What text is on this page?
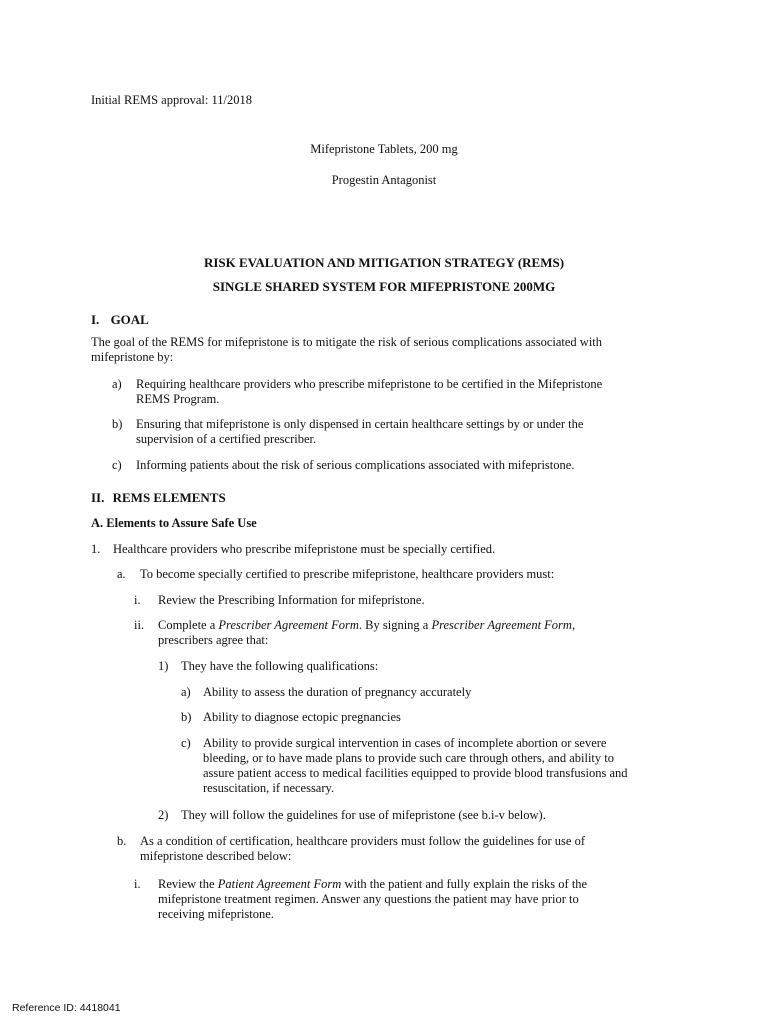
Initial REMS approval: 11/2018
Mifepristone Tablets, 200 mg
Progestin Antagonist
RISK EVALUATION AND MITIGATION STRATEGY (REMS)
SINGLE SHARED SYSTEM FOR MIFEPRISTONE 200MG
I. GOAL
The goal of the REMS for mifepristone is to mitigate the risk of serious complications associated with
mifepristone by:
a) Requiring healthcare providers who prescribe mifepristone to be certified in the Mifepristone
REMS Program.
b) Ensuring that mifepristone is only dispensed in certain healthcare settings by or under the
supervision of a certified prescriber.
c) Informing patients about the risk of serious complications associated with mifepristone.
II. REMS ELEMENTS
A. Elements to Assure Safe Use
1. Healthcare providers who prescribe mifepristone must be specially certified.
a. To become specially certified to prescribe mifepristone, healthcare providers must:
i. Review the Prescribing Information for mifepristone.
ii. Complete a Prescriber Agreement Form. By signing a Prescriber Agreement Form,
prescribers agree that:
1) They have the following qualifications:
a) Ability to assess the duration of pregnancy accurately
b) Ability to diagnose ectopic pregnancies
c) Ability to provide surgical intervention in cases of incomplete abortion or severe
bleeding, or to have made plans to provide such care through others, and ability to
assure patient access to medical facilities equipped to provide blood transfusions and
resuscitation, if necessary.
2) They will follow the guidelines for use of mifepristone (see b.i-v below).
b. As a condition of certification, healthcare providers must follow the guidelines for use of
mifepristone described below:
i. Review the Patient Agreement Form with the patient and fully explain the risks of the
mifepristone treatment regimen. Answer any questions the patient may have prior to
receiving mifepristone.
Reference ID: 4418041
